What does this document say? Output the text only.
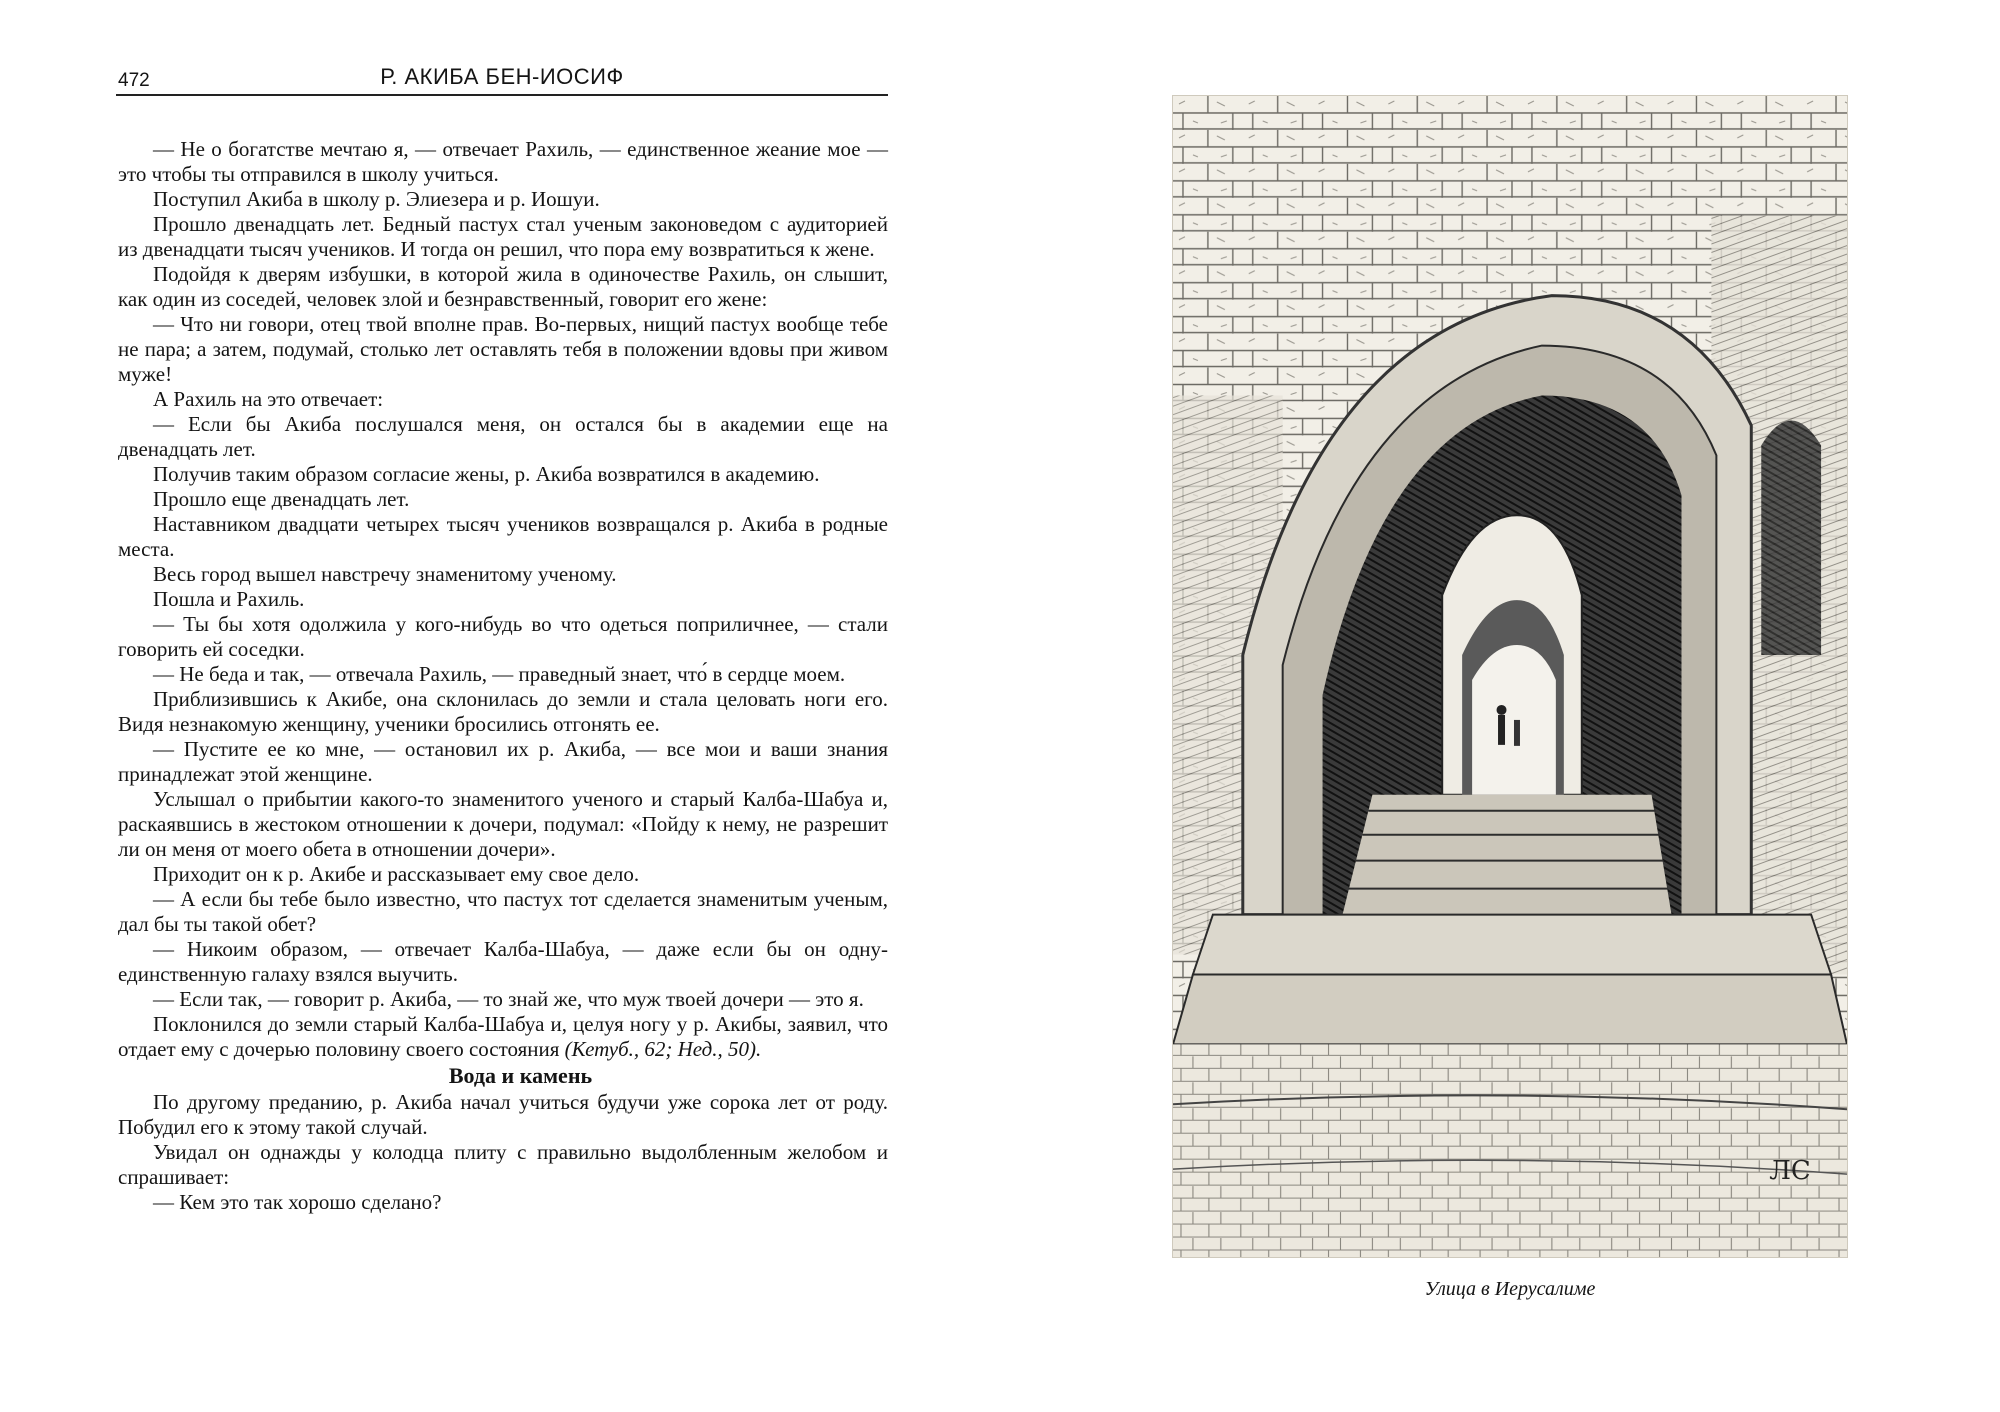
472	Р. АКИБА БЕН-ИОСИФ

— Не о богатстве мечтаю я, — отвечает Рахиль, — единственное жеание мое — это чтобы ты отправился в школу учиться.

Поступил Акиба в школу р. Элиезера и р. Иошуи.

Прошло двенадцать лет. Бедный пастух стал ученым законоведом с аудиторией из двенадцати тысяч учеников. И тогда он решил, что пора ему возвратиться к жене.

Подойдя к дверям избушки, в которой жила в одиночестве Рахиль, он слышит, как один из соседей, человек злой и безнравственный, говорит его жене:

— Что ни говори, отец твой вполне прав. Во-первых, нищий пастух вообще тебе не пара; а затем, подумай, столько лет оставлять тебя в положении вдовы при живом муже!

А Рахиль на это отвечает:

— Если бы Акиба послушался меня, он остался бы в академии еще на двенадцать лет.

Получив таким образом согласие жены, р. Акиба возвратился в академию.

Прошло еще двенадцать лет.

Наставником двадцати четырех тысяч учеников возвращался р. Акиба в родные места.

Весь город вышел навстречу знаменитому ученому.

Пошла и Рахиль.

— Ты бы хотя одолжила у кого-нибудь во что одеться поприличнее, — стали говорить ей соседки.

— Не беда и так, — отвечала Рахиль, — праведный знает, что́ в сердце моем.

Приблизившись к Акибе, она склонилась до земли и стала целовать ноги его. Видя незнакомую женщину, ученики бросились отгонять ее.

— Пустите ее ко мне, — остановил их р. Акиба, — все мои и ваши знания принадлежат этой женщине.

Услышал о прибытии какого-то знаменитого ученого и старый Калба-Шабуа и, раскаявшись в жестоком отношении к дочери, подумал: «Пойду к нему, не разрешит ли он меня от моего обета в отношении дочери».

Приходит он к р. Акибе и рассказывает ему свое дело.

— А если бы тебе было известно, что пастух тот сделается знаменитым ученым, дал бы ты такой обет?

— Никоим образом, — отвечает Калба-Шабуа, — даже если бы он одну-единственную галаху взялся выучить.

— Если так, — говорит р. Акиба, — то знай же, что муж твоей дочери — это я.

Поклонился до земли старый Калба-Шабуа и, целуя ногу у р. Акибы, заявил, что отдает ему с дочерью половину своего состояния (Кетуб., 62; Нед., 50).

Вода и камень

По другому преданию, р. Акиба начал учиться будучи уже сорока лет от роду. Побудил его к этому такой случай.

Увидал он однажды у колодца плиту с правильно выдолбленным желобом и спрашивает:

— Кем это так хорошо сделано?

ЛС
Улица в Иерусалиме
